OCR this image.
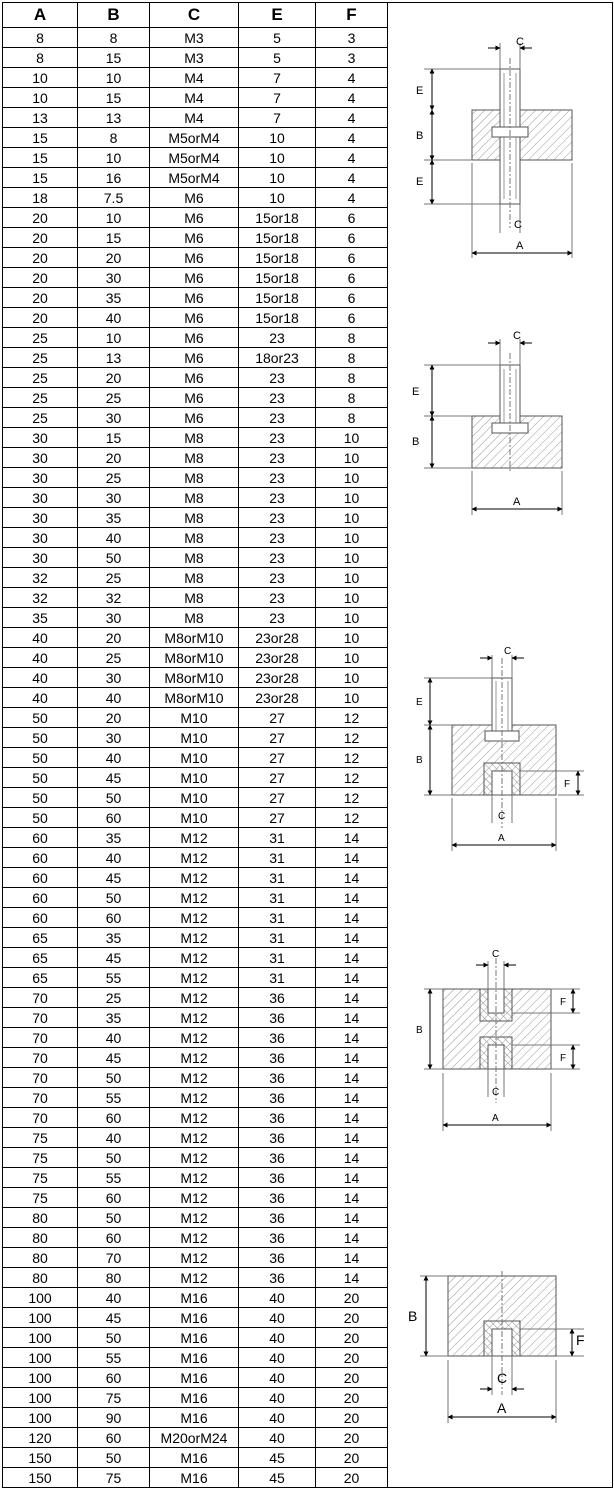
A	B	C	E	F
8	8	M3	5	3
8	15	M3	5	3
10	10	M4	7	4
10	15	M4	7	4
13	13	M4	7	4
15	8	M5orM4	10	4
15	10	M5orM4	10	4
15	16	M5orM4	10	4
18	7.5	M6	10	4
20	10	M6	15or18	6
20	15	M6	15or18	6
20	20	M6	15or18	6
20	30	M6	15or18	6
20	35	M6	15or18	6
20	40	M6	15or18	6
25	10	M6	23	8
25	13	M6	18or23	8
25	20	M6	23	8
25	25	M6	23	8
25	30	M6	23	8
30	15	M8	23	10
30	20	M8	23	10
30	25	M8	23	10
30	30	M8	23	10
30	35	M8	23	10
30	40	M8	23	10
30	50	M8	23	10
32	25	M8	23	10
32	32	M8	23	10
35	30	M8	23	10
40	20	M8orM10	23or28	10
40	25	M8orM10	23or28	10
40	30	M8orM10	23or28	10
40	40	M8orM10	23or28	10
50	20	M10	27	12
50	30	M10	27	12
50	40	M10	27	12
50	45	M10	27	12
50	50	M10	27	12
50	60	M10	27	12
60	35	M12	31	14
60	40	M12	31	14
60	45	M12	31	14
60	50	M12	31	14
60	60	M12	31	14
65	35	M12	31	14
65	45	M12	31	14
65	55	M12	31	14
70	25	M12	36	14
70	35	M12	36	14
70	40	M12	36	14
70	45	M12	36	14
70	50	M12	36	14
70	55	M12	36	14
70	60	M12	36	14
75	40	M12	36	14
75	50	M12	36	14
75	55	M12	36	14
75	60	M12	36	14
80	50	M12	36	14
80	60	M12	36	14
80	70	M12	36	14
80	80	M12	36	14
100	40	M16	40	20
100	45	M16	40	20
100	50	M16	40	20
100	55	M16	40	20
100	60	M16	40	20
100	75	M16	40	20
100	90	M16	40	20
120	60	M20orM24	40	20
150	50	M16	45	20
150	75	M16	45	20
C
E
B
E
C
A
C
E
B
A
C
E
B
F
C
A
C
B
F
F
C
A
B
F
C
A
